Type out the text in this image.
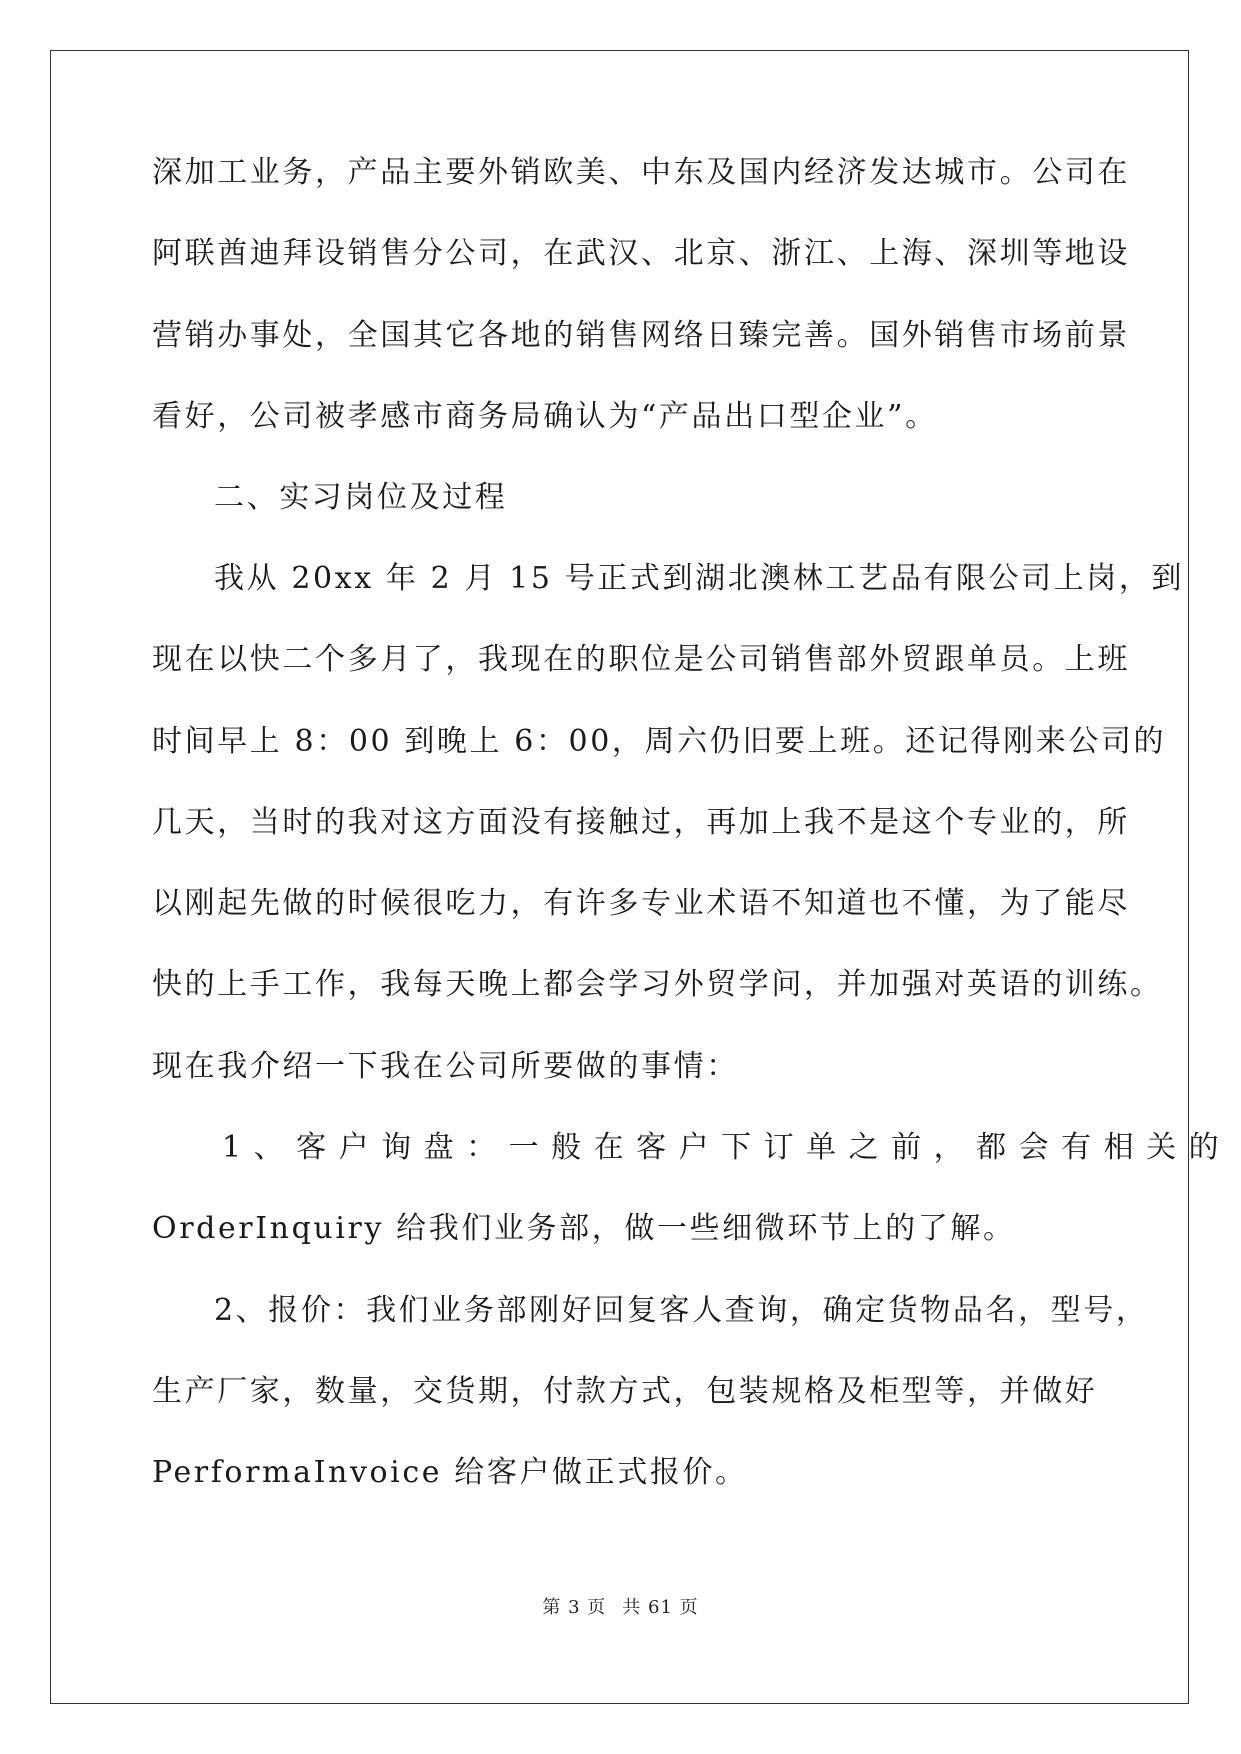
深加工业务，产品主要外销欧美、中东及国内经济发达城市。公司在
阿联酋迪拜设销售分公司，在武汉、北京、浙江、上海、深圳等地设
营销办事处，全国其它各地的销售网络日臻完善。国外销售市场前景
看好，公司被孝感市商务局确认为“产品出口型企业”。
二、实习岗位及过程
我从 20xx 年 2 月 15 号正式到湖北澳林工艺品有限公司上岗，到
现在以快二个多月了，我现在的职位是公司销售部外贸跟单员。上班
时间早上 8：00 到晚上 6：00，周六仍旧要上班。还记得刚来公司的
几天，当时的我对这方面没有接触过，再加上我不是这个专业的，所
以刚起先做的时候很吃力，有许多专业术语不知道也不懂，为了能尽
快的上手工作，我每天晚上都会学习外贸学问，并加强对英语的训练。
现在我介绍一下我在公司所要做的事情：
1、客户询盘：一般在客户下订单之前，都会有相关的
OrderInquiry 给我们业务部，做一些细微环节上的了解。
2、报价：我们业务部刚好回复客人查询，确定货物品名，型号，
生产厂家，数量，交货期，付款方式，包装规格及柜型等，并做好
PerformaInvoice 给客户做正式报价。
第 3 页 共 61 页
